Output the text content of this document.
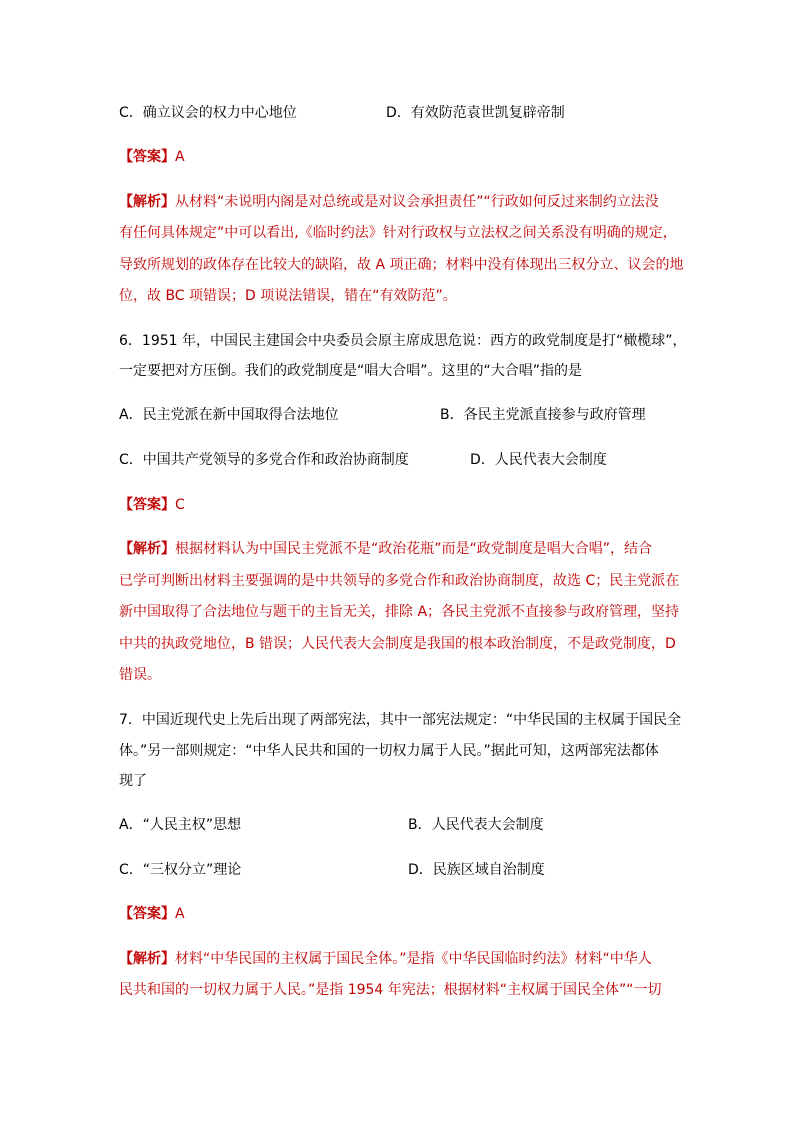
C．确立议会的权力中心地位	D．有效防范袁世凯复辟帝制
【答案】A
【解析】从材料“未说明内阁是对总统或是对议会承担责任”“行政如何反过来制约立法没
有任何具体规定”中可以看出,《临时约法》针对行政权与立法权之间关系没有明确的规定，
导致所规划的政体存在比较大的缺陷，故 A 项正确；材料中没有体现出三权分立、议会的地
位，故 BC 项错误；D 项说法错误，错在“有效防范”。
6．1951 年，中国民主建国会中央委员会原主席成思危说：西方的政党制度是打“橄榄球”，
一定要把对方压倒。我们的政党制度是“唱大合唱”。这里的“大合唱”指的是
A．民主党派在新中国取得合法地位	B．各民主党派直接参与政府管理
C．中国共产党领导的多党合作和政治协商制度	D．人民代表大会制度
【答案】C
【解析】根据材料认为中国民主党派不是“政治花瓶”而是“政党制度是唱大合唱”，结合
已学可判断出材料主要强调的是中共领导的多党合作和政治协商制度，故选 C；民主党派在
新中国取得了合法地位与题干的主旨无关，排除 A；各民主党派不直接参与政府管理，坚持
中共的执政党地位，B 错误；人民代表大会制度是我国的根本政治制度，不是政党制度，D
错误。
7．中国近现代史上先后出现了两部宪法，其中一部宪法规定：“中华民国的主权属于国民全
体。”另一部则规定：“中华人民共和国的一切权力属于人民。”据此可知，这两部宪法都体
现了
A．“人民主权”思想	B．人民代表大会制度
C．“三权分立”理论	D．民族区域自治制度
【答案】A
【解析】材料“中华民国的主权属于国民全体。”是指《中华民国临时约法》材料“中华人
民共和国的一切权力属于人民。”是指 1954 年宪法；根据材料“主权属于国民全体”“一切
